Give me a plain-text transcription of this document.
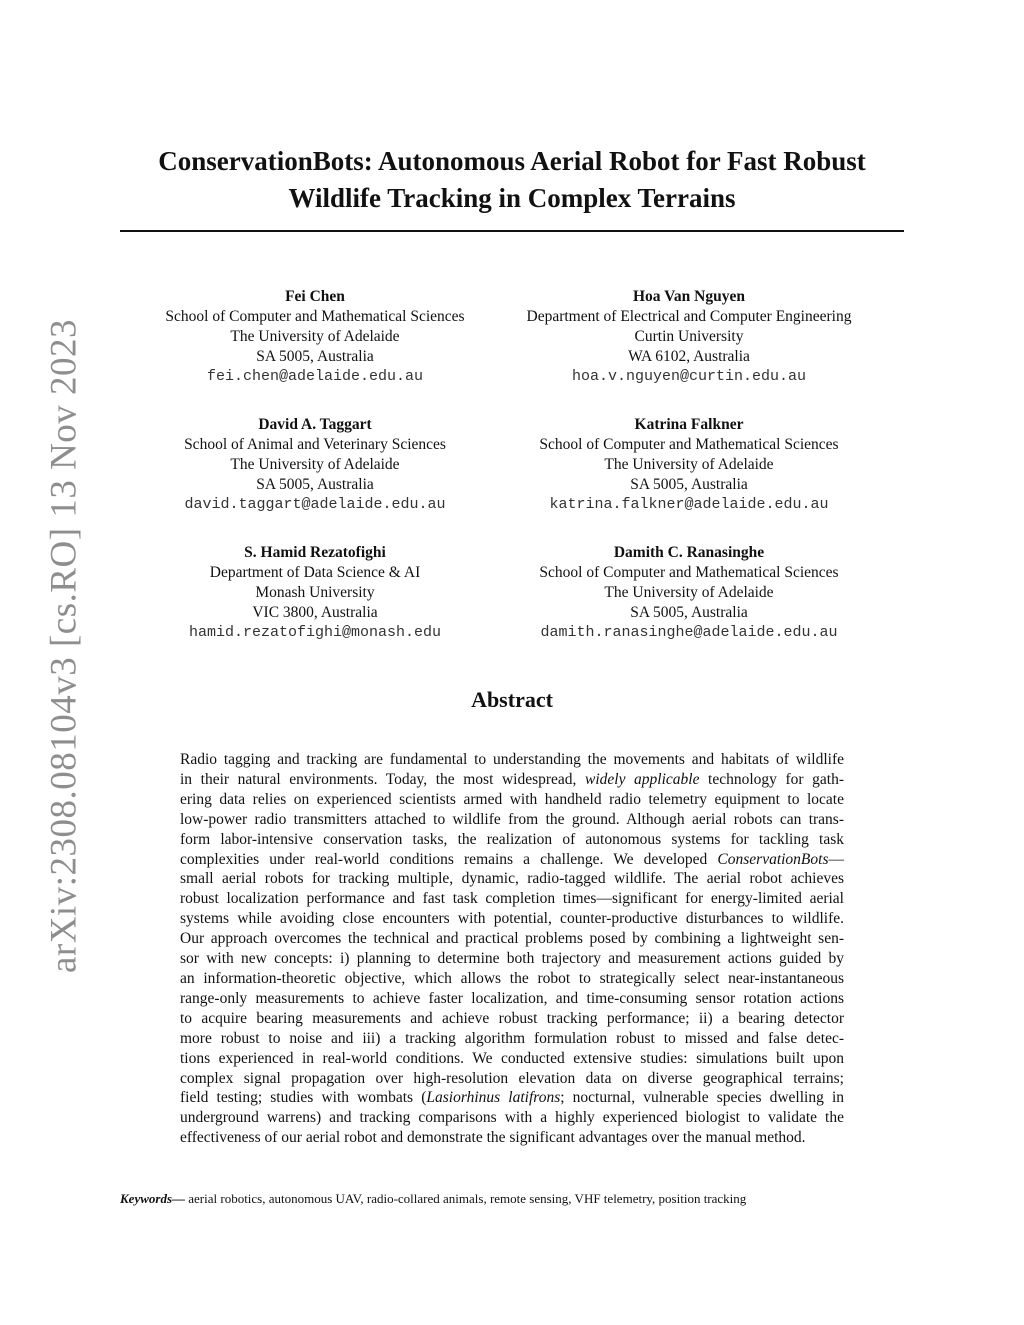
arXiv:2308.08104v3 [cs.RO] 13 Nov 2023
ConservationBots: Autonomous Aerial Robot for Fast Robust
Wildlife Tracking in Complex Terrains
Fei Chen
School of Computer and Mathematical Sciences
The University of Adelaide
SA 5005, Australia
fei.chen@adelaide.edu.au
Hoa Van Nguyen
Department of Electrical and Computer Engineering
Curtin University
WA 6102, Australia
hoa.v.nguyen@curtin.edu.au
David A. Taggart
School of Animal and Veterinary Sciences
The University of Adelaide
SA 5005, Australia
david.taggart@adelaide.edu.au
Katrina Falkner
School of Computer and Mathematical Sciences
The University of Adelaide
SA 5005, Australia
katrina.falkner@adelaide.edu.au
S. Hamid Rezatofighi
Department of Data Science & AI
Monash University
VIC 3800, Australia
hamid.rezatofighi@monash.edu
Damith C. Ranasinghe
School of Computer and Mathematical Sciences
The University of Adelaide
SA 5005, Australia
damith.ranasinghe@adelaide.edu.au
Abstract
Radio tagging and tracking are fundamental to understanding the movements and habitats of wildlife
in their natural environments. Today, the most widespread, widely applicable technology for gath-
ering data relies on experienced scientists armed with handheld radio telemetry equipment to locate
low-power radio transmitters attached to wildlife from the ground. Although aerial robots can trans-
form labor-intensive conservation tasks, the realization of autonomous systems for tackling task
complexities under real-world conditions remains a challenge. We developed ConservationBots—
small aerial robots for tracking multiple, dynamic, radio-tagged wildlife. The aerial robot achieves
robust localization performance and fast task completion times—significant for energy-limited aerial
systems while avoiding close encounters with potential, counter-productive disturbances to wildlife.
Our approach overcomes the technical and practical problems posed by combining a lightweight sen-
sor with new concepts: i) planning to determine both trajectory and measurement actions guided by
an information-theoretic objective, which allows the robot to strategically select near-instantaneous
range-only measurements to achieve faster localization, and time-consuming sensor rotation actions
to acquire bearing measurements and achieve robust tracking performance; ii) a bearing detector
more robust to noise and iii) a tracking algorithm formulation robust to missed and false detec-
tions experienced in real-world conditions. We conducted extensive studies: simulations built upon
complex signal propagation over high-resolution elevation data on diverse geographical terrains;
field testing; studies with wombats (Lasiorhinus latifrons; nocturnal, vulnerable species dwelling in
underground warrens) and tracking comparisons with a highly experienced biologist to validate the
effectiveness of our aerial robot and demonstrate the significant advantages over the manual method.
Keywords— aerial robotics, autonomous UAV, radio-collared animals, remote sensing, VHF telemetry, position tracking
